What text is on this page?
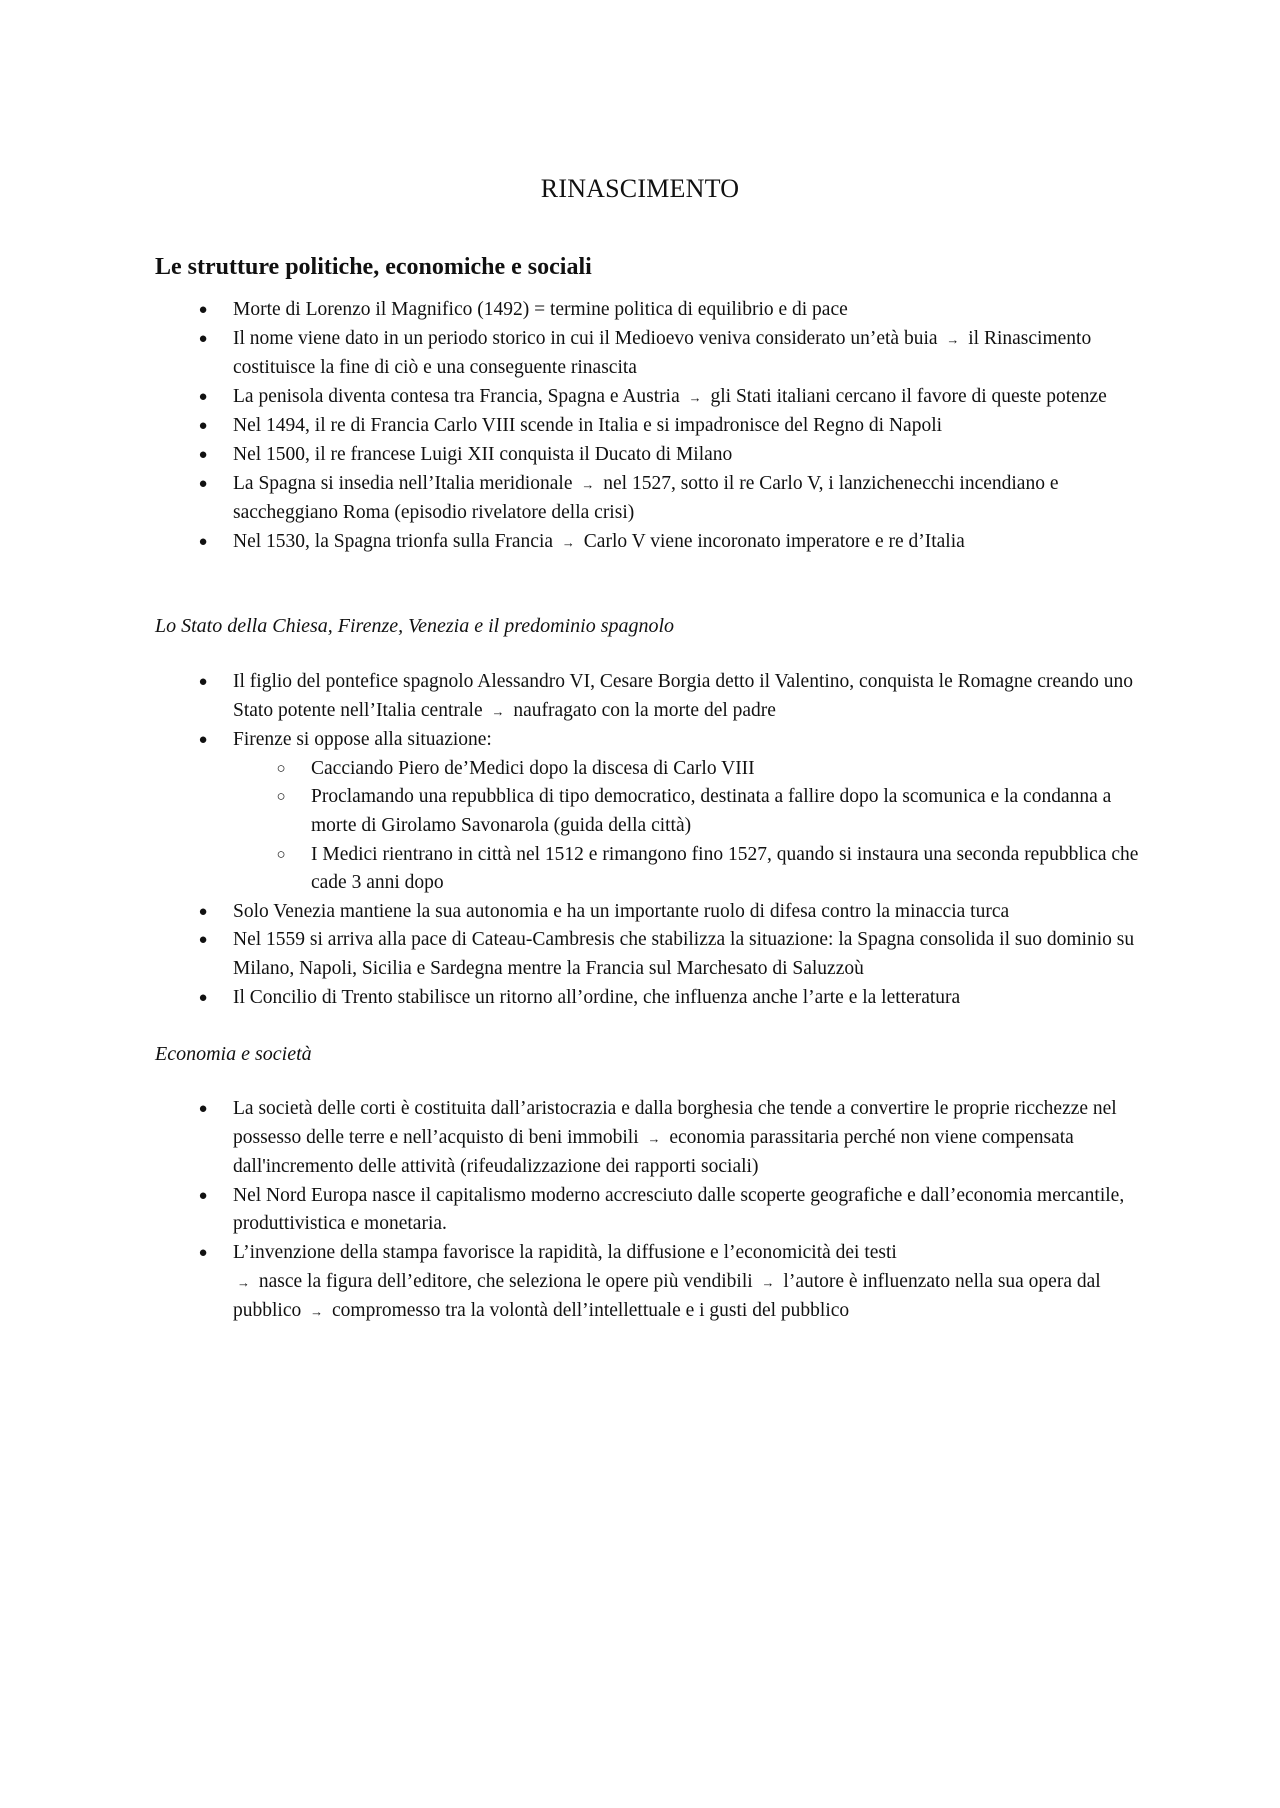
RINASCIMENTO
Le strutture politiche, economiche e sociali
● Morte di Lorenzo il Magnifico (1492) = termine politica di equilibrio e di pace
● Il nome viene dato in un periodo storico in cui il Medioevo veniva considerato un’età buia → il Rinascimento costituisce la fine di ciò e una conseguente rinascita
● La penisola diventa contesa tra Francia, Spagna e Austria → gli Stati italiani cercano il favore di queste potenze
● Nel 1494, il re di Francia Carlo VIII scende in Italia e si impadronisce del Regno di Napoli
● Nel 1500, il re francese Luigi XII conquista il Ducato di Milano
● La Spagna si insedia nell’Italia meridionale → nel 1527, sotto il re Carlo V, i lanzichenecchi incendiano e saccheggiano Roma (episodio rivelatore della crisi)
● Nel 1530, la Spagna trionfa sulla Francia → Carlo V viene incoronato imperatore e re d’Italia
Lo Stato della Chiesa, Firenze, Venezia e il predominio spagnolo
● Il figlio del pontefice spagnolo Alessandro VI, Cesare Borgia detto il Valentino, conquista le Romagne creando uno Stato potente nell’Italia centrale → naufragato con la morte del padre
● Firenze si oppose alla situazione:
○ Cacciando Piero de’Medici dopo la discesa di Carlo VIII
○ Proclamando una repubblica di tipo democratico, destinata a fallire dopo la scomunica e la condanna a morte di Girolamo Savonarola (guida della città)
○ I Medici rientrano in città nel 1512 e rimangono fino 1527, quando si instaura una seconda repubblica che cade 3 anni dopo
● Solo Venezia mantiene la sua autonomia e ha un importante ruolo di difesa contro la minaccia turca
● Nel 1559 si arriva alla pace di Cateau-Cambresis che stabilizza la situazione: la Spagna consolida il suo dominio su Milano, Napoli, Sicilia e Sardegna mentre la Francia sul Marchesato di Saluzzoù
● Il Concilio di Trento stabilisce un ritorno all’ordine, che influenza anche l’arte e la letteratura
Economia e società
● La società delle corti è costituita dall’aristocrazia e dalla borghesia che tende a convertire le proprie ricchezze nel possesso delle terre e nell’acquisto di beni immobili → economia parassitaria perché non viene compensata dall'incremento delle attività (rifeudalizzazione dei rapporti sociali)
● Nel Nord Europa nasce il capitalismo moderno accresciuto dalle scoperte geografiche e dall’economia mercantile, produttivistica e monetaria.
● L’invenzione della stampa favorisce la rapidità, la diffusione e l’economicità dei testi
→ nasce la figura dell’editore, che seleziona le opere più vendibili → l’autore è influenzato nella sua opera dal pubblico → compromesso tra la volontà dell’intellettuale e i gusti del pubblico
